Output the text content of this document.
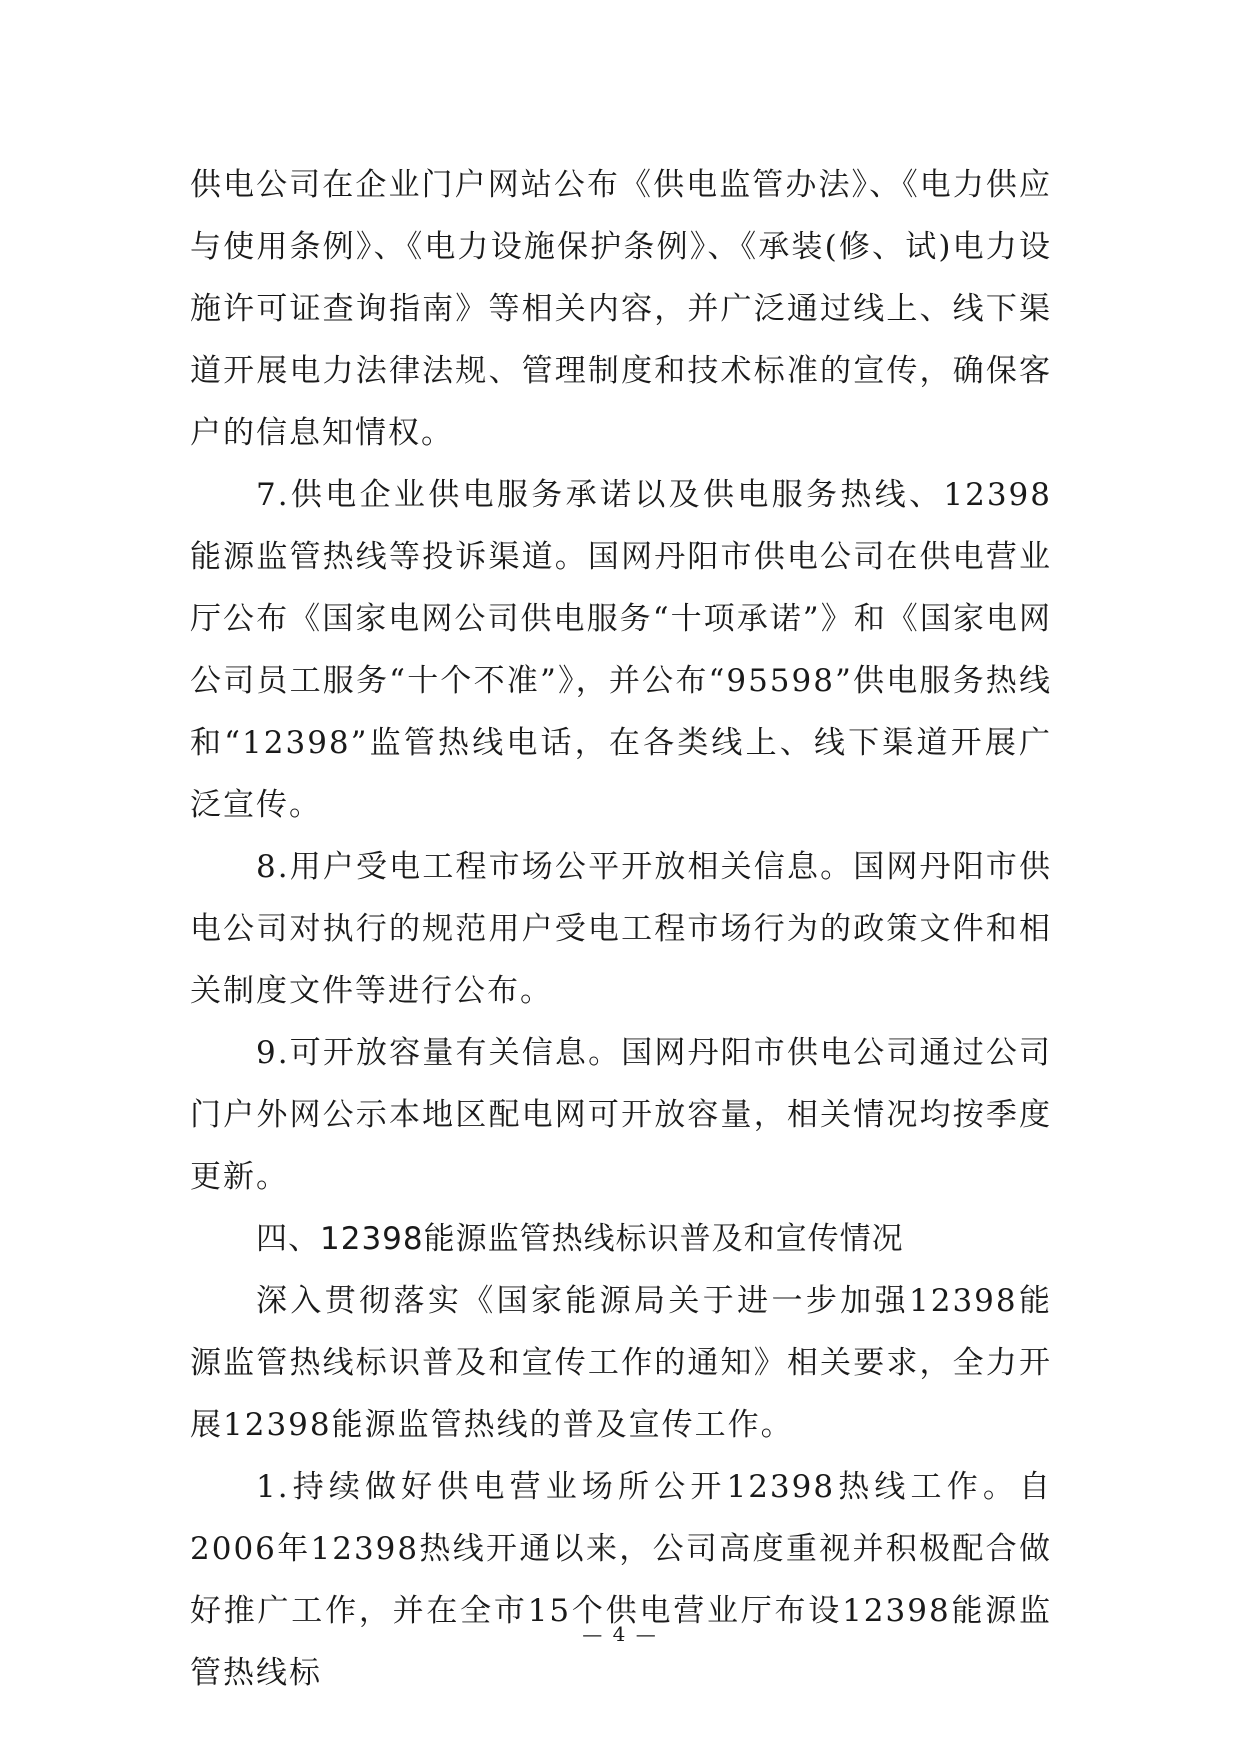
供电公司在企业门户网站公布《供电监管办法》、《电力供应与使用条例》、《电力设施保护条例》、《承装(修、试)电力设施许可证查询指南》等相关内容，并广泛通过线上、线下渠道开展电力法律法规、管理制度和技术标准的宣传，确保客户的信息知情权。

7.供电企业供电服务承诺以及供电服务热线、12398能源监管热线等投诉渠道。国网丹阳市供电公司在供电营业厅公布《国家电网公司供电服务“十项承诺”》和《国家电网公司员工服务“十个不准”》，并公布“95598”供电服务热线和“12398”监管热线电话，在各类线上、线下渠道开展广泛宣传。

8.用户受电工程市场公平开放相关信息。国网丹阳市供电公司对执行的规范用户受电工程市场行为的政策文件和相关制度文件等进行公布。

9.可开放容量有关信息。国网丹阳市供电公司通过公司门户外网公示本地区配电网可开放容量，相关情况均按季度更新。

四、12398能源监管热线标识普及和宣传情况

深入贯彻落实《国家能源局关于进一步加强12398能源监管热线标识普及和宣传工作的通知》相关要求，全力开展12398能源监管热线的普及宣传工作。

1.持续做好供电营业场所公开12398热线工作。自2006年12398热线开通以来，公司高度重视并积极配合做好推广工作，并在全市15个供电营业厅布设12398能源监管热线标

— 4 —
